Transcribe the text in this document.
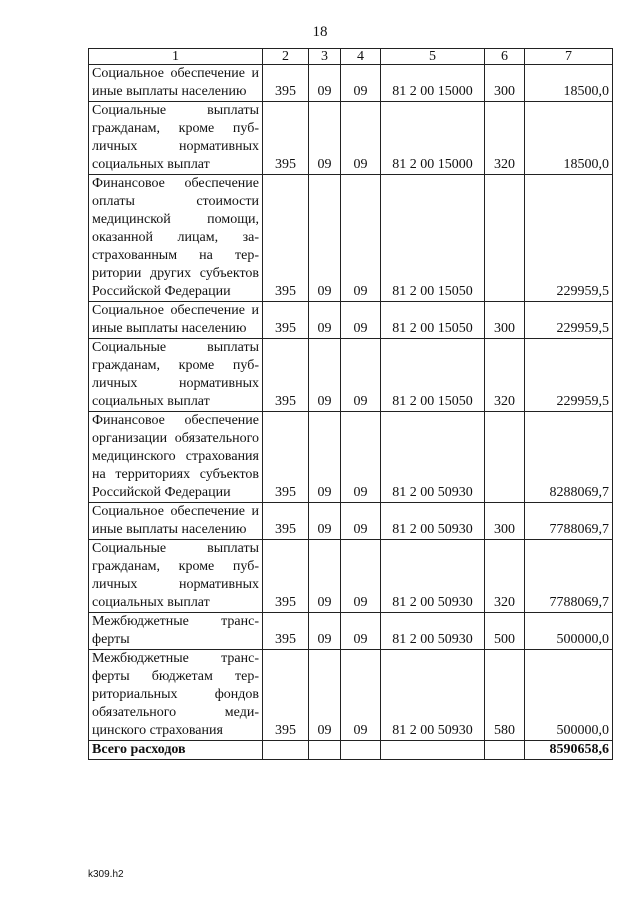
18
1	2	3	4	5	6	7
Социальное обеспечение и иные выплаты населению	395	09	09	81 2 00 15000	300	18500,0
Социальные выплаты гражданам, кроме публичных нормативных социальных выплат	395	09	09	81 2 00 15000	320	18500,0
Финансовое обеспечение оплаты стоимости медицинской помощи, оказанной лицам, застрахованным на территории других субъектов Российской Федерации	395	09	09	81 2 00 15050		229959,5
Социальное обеспечение и иные выплаты населению	395	09	09	81 2 00 15050	300	229959,5
Социальные выплаты гражданам, кроме публичных нормативных социальных выплат	395	09	09	81 2 00 15050	320	229959,5
Финансовое обеспечение организации обязательного медицинского страхования на территориях субъектов Российской Федерации	395	09	09	81 2 00 50930		8288069,7
Социальное обеспечение и иные выплаты населению	395	09	09	81 2 00 50930	300	7788069,7
Социальные выплаты гражданам, кроме публичных нормативных социальных выплат	395	09	09	81 2 00 50930	320	7788069,7
Межбюджетные трансферты	395	09	09	81 2 00 50930	500	500000,0
Межбюджетные трансферты бюджетам территориальных фондов обязательного медицинского страхования	395	09	09	81 2 00 50930	580	500000,0
Всего расходов						8590658,6
k309.h2
